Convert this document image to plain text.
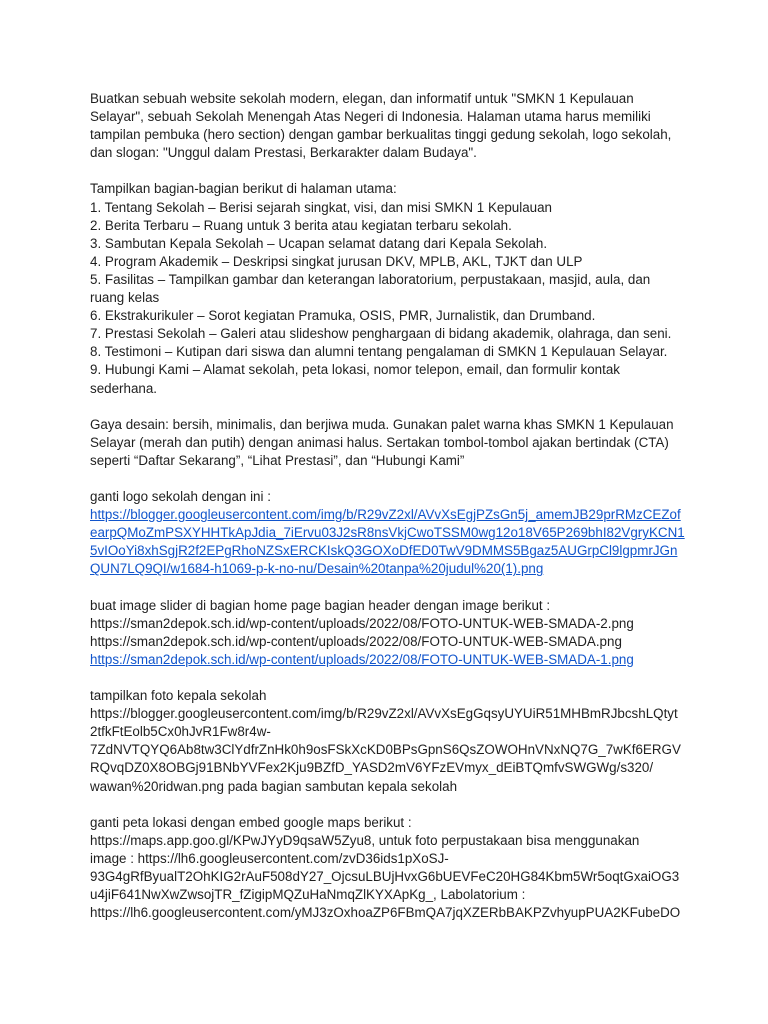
Buatkan sebuah website sekolah modern, elegan, dan informatif untuk "SMKN 1 Kepulauan
Selayar", sebuah Sekolah Menengah Atas Negeri di Indonesia. Halaman utama harus memiliki
tampilan pembuka (hero section) dengan gambar berkualitas tinggi gedung sekolah, logo sekolah,
dan slogan: "Unggul dalam Prestasi, Berkarakter dalam Budaya".
Tampilkan bagian-bagian berikut di halaman utama:
1. Tentang Sekolah – Berisi sejarah singkat, visi, dan misi SMKN 1 Kepulauan
2. Berita Terbaru – Ruang untuk 3 berita atau kegiatan terbaru sekolah.
3. Sambutan Kepala Sekolah – Ucapan selamat datang dari Kepala Sekolah.
4. Program Akademik – Deskripsi singkat jurusan DKV, MPLB, AKL, TJKT dan ULP
5. Fasilitas – Tampilkan gambar dan keterangan laboratorium, perpustakaan, masjid, aula, dan
ruang kelas
6. Ekstrakurikuler – Sorot kegiatan Pramuka, OSIS, PMR, Jurnalistik, dan Drumband.
7. Prestasi Sekolah – Galeri atau slideshow penghargaan di bidang akademik, olahraga, dan seni.
8. Testimoni – Kutipan dari siswa dan alumni tentang pengalaman di SMKN 1 Kepulauan Selayar.
9. Hubungi Kami – Alamat sekolah, peta lokasi, nomor telepon, email, dan formulir kontak
sederhana.
Gaya desain: bersih, minimalis, dan berjiwa muda. Gunakan palet warna khas SMKN 1 Kepulauan
Selayar (merah dan putih) dengan animasi halus. Sertakan tombol-tombol ajakan bertindak (CTA)
seperti “Daftar Sekarang”, “Lihat Prestasi”, dan “Hubungi Kami”
ganti logo sekolah dengan ini :
https://blogger.googleusercontent.com/img/b/R29vZ2xl/AVvXsEgjPZsGn5j_amemJB29prRMzCEZof
earpQMoZmPSXYHHTkApJdia_7iErvu03J2sR8nsVkjCwoTSSM0wg12o18V65P269bhI82VgryKCN1
5vIOoYi8xhSgjR2f2EPgRhoNZSxERCKIskQ3GOXoDfED0TwV9DMMS5Bgaz5AUGrpCl9lgpmrJGn
QUN7LQ9QI/w1684-h1069-p-k-no-nu/Desain%20tanpa%20judul%20(1).png
buat image slider di bagian home page bagian header dengan image berikut :
https://sman2depok.sch.id/wp-content/uploads/2022/08/FOTO-UNTUK-WEB-SMADA-2.png
https://sman2depok.sch.id/wp-content/uploads/2022/08/FOTO-UNTUK-WEB-SMADA.png
https://sman2depok.sch.id/wp-content/uploads/2022/08/FOTO-UNTUK-WEB-SMADA-1.png
tampilkan foto kepala sekolah
https://blogger.googleusercontent.com/img/b/R29vZ2xl/AVvXsEgGqsyUYUiR51MHBmRJbcshLQtyt
2tfkFtEolb5Cx0hJvR1Fw8r4w-
7ZdNVTQYQ6Ab8tw3ClYdfrZnHk0h9osFSkXcKD0BPsGpnS6QsZOWOHnVNxNQ7G_7wKf6ERGV
RQvqDZ0X8OBGj91BNbYVFex2Kju9BZfD_YASD2mV6YFzEVmyx_dEiBTQmfvSWGWg/s320/
wawan%20ridwan.png pada bagian sambutan kepala sekolah
ganti peta lokasi dengan embed google maps berikut :
https://maps.app.goo.gl/KPwJYyD9qsaW5Zyu8, untuk foto perpustakaan bisa menggunakan
image : https://lh6.googleusercontent.com/zvD36ids1pXoSJ-
93G4gRfByualT2OhKIG2rAuF508dY27_OjcsuLBUjHvxG6bUEVFeC20HG84Kbm5Wr5oqtGxaiOG3
u4jiF641NwXwZwsojTR_fZigipMQZuHaNmqZlKYXApKg_, Labolatorium :
https://lh6.googleusercontent.com/yMJ3zOxhoaZP6FBmQA7jqXZERbBAKPZvhyupPUA2KFubeDO
